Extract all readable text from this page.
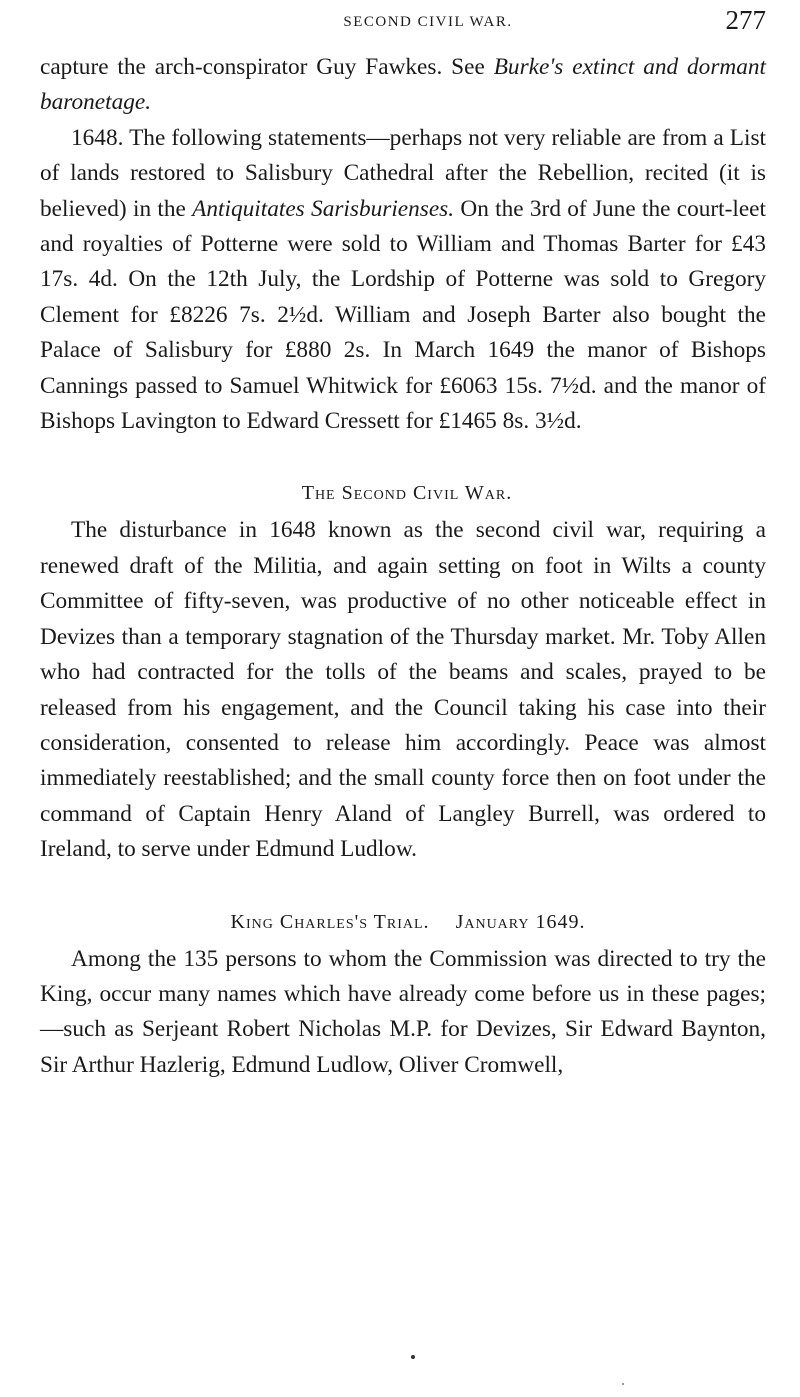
SECOND CIVIL WAR.	277

capture the arch-conspirator Guy Fawkes. See Burke's extinct and dormant baronetage.

1648. The following statements—perhaps not very reliable are from a List of lands restored to Salisbury Cathedral after the Rebellion, recited (it is believed) in the Antiquitates Sarisburienses. On the 3rd of June the court-leet and royalties of Potterne were sold to William and Thomas Barter for £43 17s. 4d. On the 12th July, the Lordship of Potterne was sold to Gregory Clement for £8226 7s. 2½d. William and Joseph Barter also bought the Palace of Salisbury for £880 2s. In March 1649 the manor of Bishops Cannings passed to Samuel Whitwick for £6063 15s. 7½d. and the manor of Bishops Lavington to Edward Cressett for £1465 8s. 3½d.

The Second Civil War.

The disturbance in 1648 known as the second civil war, requiring a renewed draft of the Militia, and again setting on foot in Wilts a county Committee of fifty-seven, was productive of no other noticeable effect in Devizes than a temporary stagnation of the Thursday market. Mr. Toby Allen who had contracted for the tolls of the beams and scales, prayed to be released from his engagement, and the Council taking his case into their consideration, consented to release him accordingly. Peace was almost immediately reestablished; and the small county force then on foot under the command of Captain Henry Aland of Langley Burrell, was ordered to Ireland, to serve under Edmund Ludlow.

King Charles's Trial. January 1649.

Among the 135 persons to whom the Commission was directed to try the King, occur many names which have already come before us in these pages;—such as Serjeant Robert Nicholas M.P. for Devizes, Sir Edward Baynton, Sir Arthur Hazlerig, Edmund Ludlow, Oliver Cromwell,
